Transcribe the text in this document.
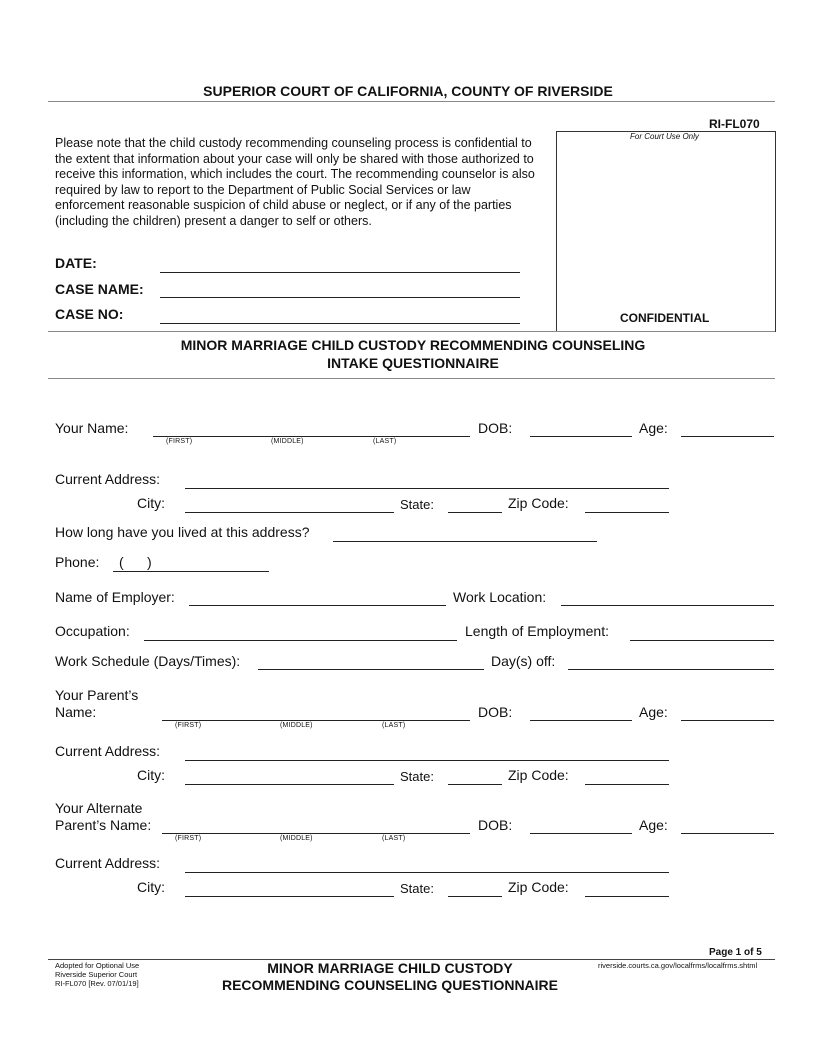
SUPERIOR COURT OF CALIFORNIA, COUNTY OF RIVERSIDE
RI-FL070
Please note that the child custody recommending counseling process is confidential to the extent that information about your case will only be shared with those authorized to receive this information, which includes the court. The recommending counselor is also required by law to report to the Department of Public Social Services or law enforcement reasonable suspicion of child abuse or neglect, or if any of the parties (including the children) present a danger to self or others.
For Court Use Only
CONFIDENTIAL
DATE:
CASE NAME:
CASE NO:
MINOR MARRIAGE CHILD CUSTODY RECOMMENDING COUNSELING
INTAKE QUESTIONNAIRE
Your Name:
(FIRST)	(MIDDLE)	(LAST)
DOB:	Age:
Current Address:
City:	State:	Zip Code:
How long have you lived at this address?
Phone: (      )
Name of Employer:	Work Location:
Occupation:	Length of Employment:
Work Schedule (Days/Times):	Day(s) off:
Your Parent’s
Name:
(FIRST)	(MIDDLE)	(LAST)
DOB:	Age:
Current Address:
City:	State:	Zip Code:
Your Alternate
Parent’s Name:
(FIRST)	(MIDDLE)	(LAST)
DOB:	Age:
Current Address:
City:	State:	Zip Code:
Page 1 of 5
Adopted for Optional Use
Riverside Superior Court
RI-FL070 [Rev. 07/01/19]
MINOR MARRIAGE CHILD CUSTODY
RECOMMENDING COUNSELING QUESTIONNAIRE
riverside.courts.ca.gov/localfrms/localfrms.shtml
